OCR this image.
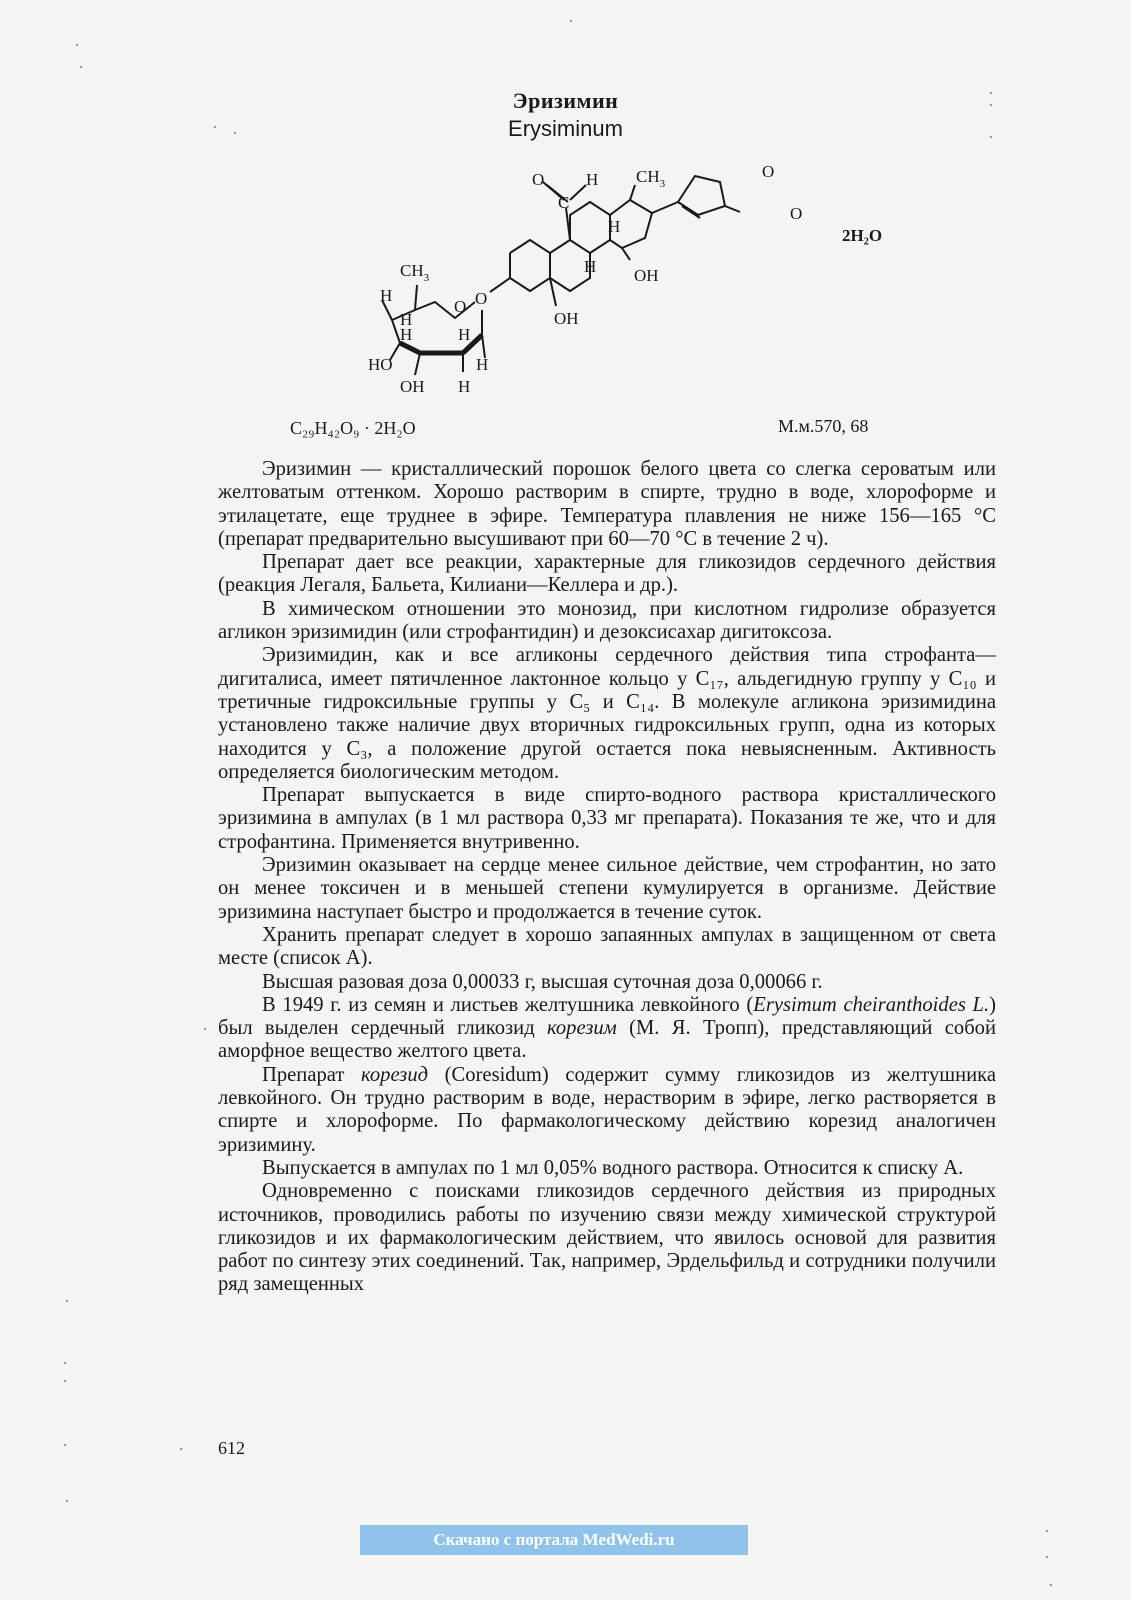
Эризимин
Erysiminum
O H
C
$CH_3$
O
O
H
H OH
OH
$CH_3$
H
O O
H
H	H
HO	H
OH H
2H₂O
C₂₉H₄₂O₉ · 2H₂O	М.м.570, 68

Эризимин — кристаллический порошок белого цвета со слегка сероватым или желтоватым оттенком. Хорошо растворим в спирте, трудно в воде, хлороформе и этилацетате, еще труднее в эфире. Температура плавления не ниже 156—165 °С (препарат предварительно высушивают при 60—70 °С в течение 2 ч).

Препарат дает все реакции, характерные для гликозидов сердечного действия (реакция Легаля, Бальета, Килиани—Келлера и др.).

В химическом отношении это монозид, при кислотном гидролизе образуется агликон эризимидин (или строфантидин) и дезоксисахар дигитоксоза.

Эризимидин, как и все агликоны сердечного действия типа строфанта—дигиталиса, имеет пятичленное лактонное кольцо у C₁₇, альдегидную группу у C₁₀ и третичные гидроксильные группы у C₅ и C₁₄. В молекуле агликона эризимидина установлено также наличие двух вторичных гидроксильных групп, одна из которых находится у C₃, а положение другой остается пока невыясненным. Активность определяется биологическим методом.

Препарат выпускается в виде спирто-водного раствора кристаллического эризимина в ампулах (в 1 мл раствора 0,33 мг препарата). Показания те же, что и для строфантина. Применяется внутривенно.

Эризимин оказывает на сердце менее сильное действие, чем строфантин, но зато он менее токсичен и в меньшей степени кумулируется в организме. Действие эризимина наступает быстро и продолжается в течение суток.

Хранить препарат следует в хорошо запаянных ампулах в защищенном от света месте (список А).

Высшая разовая доза 0,00033 г, высшая суточная доза 0,00066 г.

В 1949 г. из семян и листьев желтушника левкойного (Erysimum cheiranthoides L.) был выделен сердечный гликозид корезим (М. Я. Тропп), представляющий собой аморфное вещество желтого цвета.

Препарат корезид (Coresidum) содержит сумму гликозидов из желтушника левкойного. Он трудно растворим в воде, нерастворим в эфире, легко растворяется в спирте и хлороформе. По фармакологическому действию корезид аналогичен эризимину.

Выпускается в ампулах по 1 мл 0,05% водного раствора. Относится к списку А.

Одновременно с поисками гликозидов сердечного действия из природных источников, проводились работы по изучению связи между химической структурой гликозидов и их фармакологическим действием, что явилось основой для развития работ по синтезу этих соединений. Так, например, Эрдельфильд и сотрудники получили ряд замещенных

612
Скачано с портала MedWedi.ru
